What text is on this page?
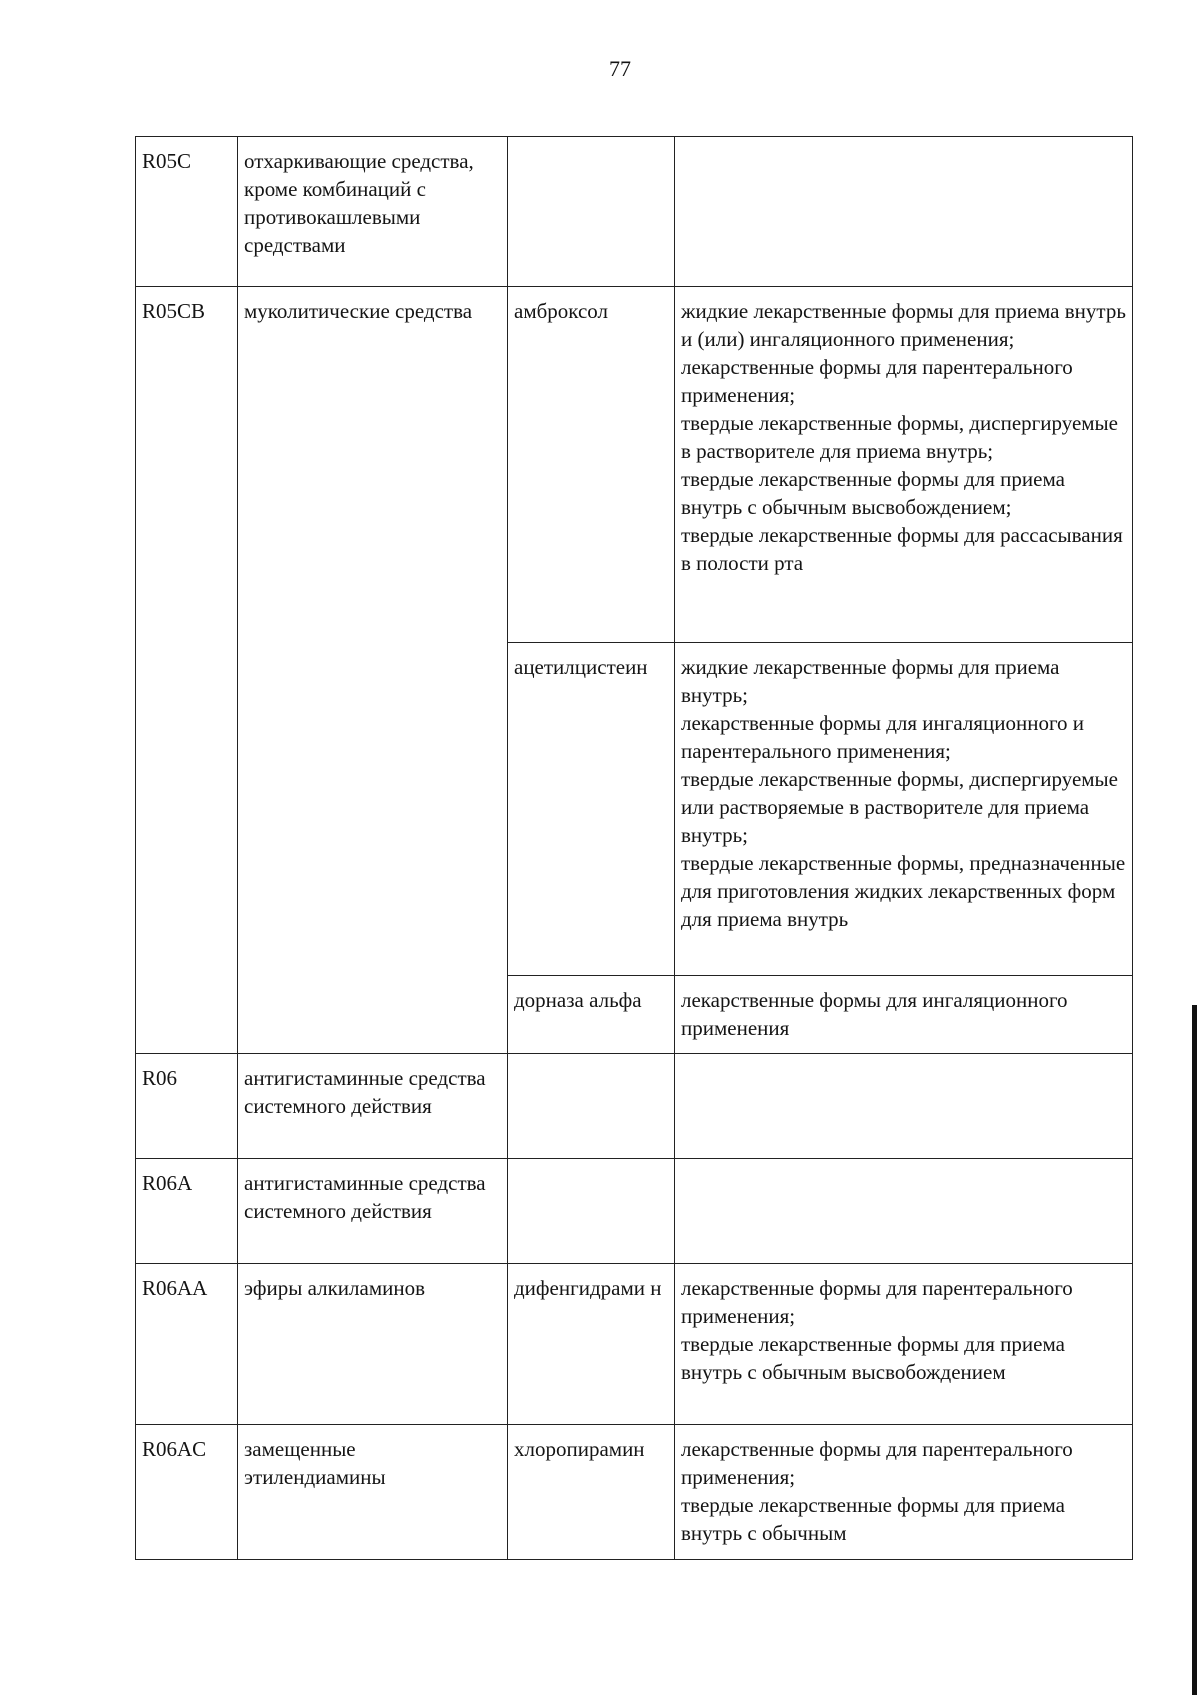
77
R05C	отхаркивающие средства, кроме комбинаций с противокашлевыми средствами		
R05CB	муколитические средства	амброксол	жидкие лекарственные формы для приема внутрь и (или) ингаляционного применения;
лекарственные формы для парентерального применения;
твердые лекарственные формы, диспергируемые в растворителе для приема внутрь;
твердые лекарственные формы для приема внутрь с обычным высвобождением;
твердые лекарственные формы для рассасывания в полости рта

		ацетилцистеин	жидкие лекарственные формы для приема внутрь;
лекарственные формы для ингаляционного и парентерального применения;
твердые лекарственные формы, диспергируемые или растворяемые в растворителе для приема внутрь;
твердые лекарственные формы, предназначенные для приготовления жидких лекарственных форм для приема внутрь

		дорназа альфа	лекарственные формы для ингаляционного применения

R06	антигистаминные средства системного действия		
R06A	антигистаминные средства системного действия		
R06AA	эфиры алкиламинов	дифенгидрами н	лекарственные формы для парентерального применения;
твердые лекарственные формы для приема внутрь с обычным высвобождением

R06AC	замещенные этилендиамины	хлоропирамин	лекарственные формы для парентерального применения;
твердые лекарственные формы для приема внутрь с обычным
